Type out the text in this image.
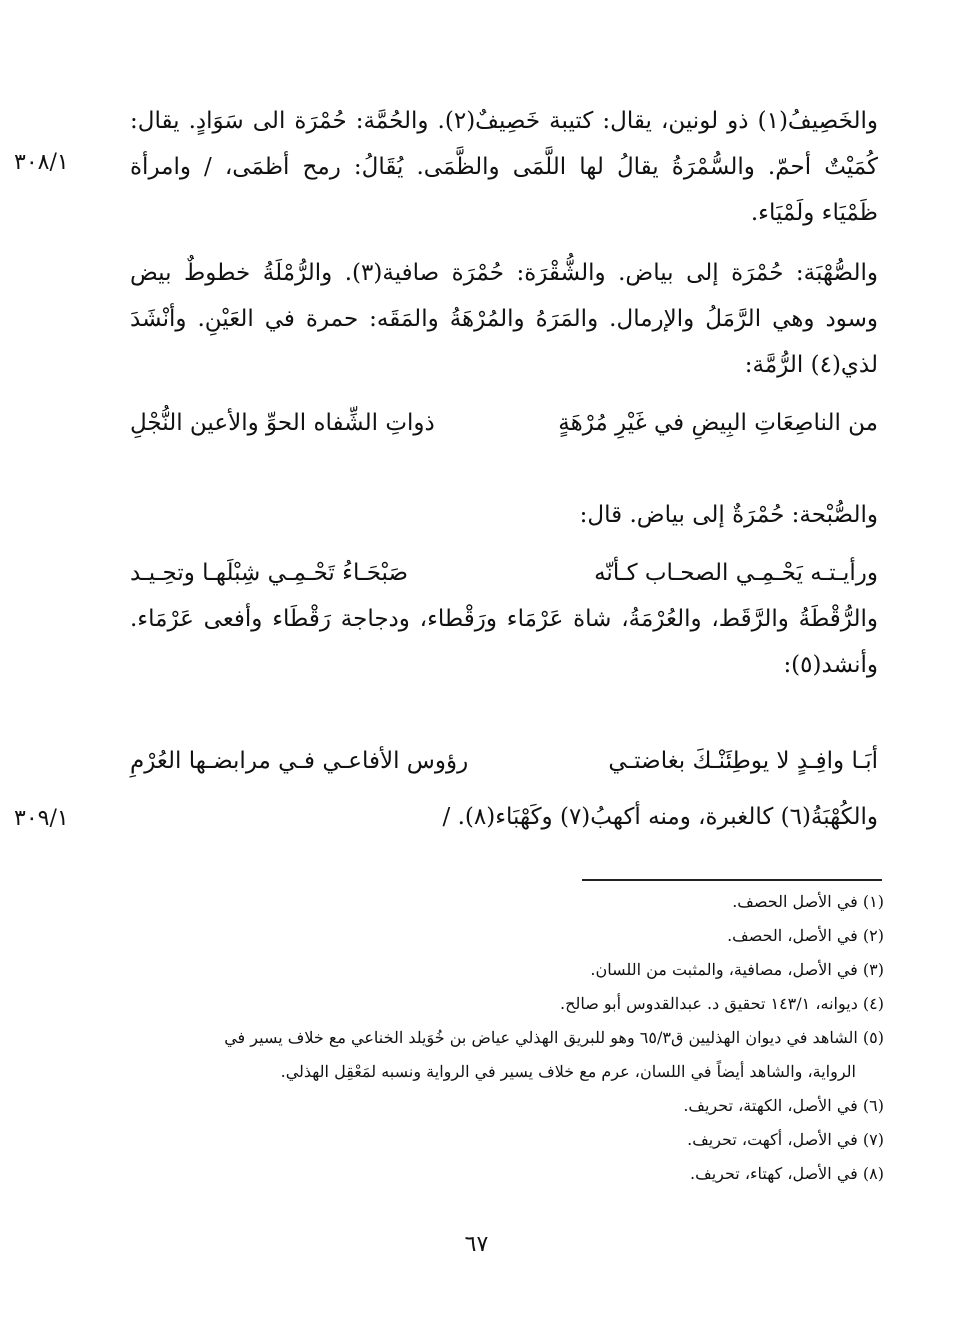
والخَصِيفُ(١) ذو لونين، يقال: كتيبة خَصِيفٌ(٢). والحُمَّة: حُمْرَة الى سَوَادٍ. يقال: كُمَيْتٌ أحمّ. والسُّمْرَةُ يقالُ لها اللَّمَى والظَّمَى. يُقَالُ: رمح أظمَى، / وامرأة ظَمْيَاء ولَمْيَاء.

٣٠٨/١

والصُّهْبَة: حُمْرَة إلى بياض. والشُّقْرَة: حُمْرَة صافية(٣). والرُّمْلَةُ خطوطٌ بيض وسود وهي الرَّمَلُ والإرمال. والمَرَهُ والمُرْهَةُ والمَقَه: حمرة في العَيْنِ. وأنْشَدَ لذي(٤) الرُّمَّة:

من الناصِعَاتِ البِيضِ في غَيْرِ مُرْهَةٍ
ذواتِ الشِّفاه الحوِّ والأعين النُّجْلِ

والصُّبْحة: حُمْرَةٌ إلى بياض. قال:

ورأيـتـه يَحْـمِـي الصحـاب كـأنّه
صَبْحَـاءُ تَحْـمِـي شِبْلَهـا وتحِـيـد

والرُّقْطَةُ والرَّقَط، والعُرْمَةُ، شاة عَرْمَاء ورَقْطاء، ودجاجة رَقْطَاء وأفعى عَرْمَاء. وأنشد(٥):

أبَـا وافِـدٍ لا يوطِئَنْـكَ بغاضتـي
رؤوس الأفاعـي فـي مرابضـها العُرْمِ

والكُهْبَةُ(٦) كالغبرة، ومنه أكهبُ(٧) وكَهْبَاء(٨). /

٣٠٩/١

(١) في الأصل الحصف.

(٢) في الأصل، الحصف.

(٣) في الأصل، مصافية، والمثبت من اللسان.

(٤) ديوانه، ١٤٣/١ تحقيق د. عبدالقدوس أبو صالح.

(٥) الشاهد في ديوان الهذليين ق٦٥/٣ وهو للبريق الهذلي عياض بن خُوَيلد الخناعي مع خلاف يسير في

الرواية، والشاهد أيضاً في اللسان، عرم مع خلاف يسير في الرواية ونسبه لمَعْقِل الهذلي.

(٦) في الأصل، الكهتة، تحريف.

(٧) في الأصل، أكهت، تحريف.

(٨) في الأصل، كهتاء، تحريف.

٦٧
